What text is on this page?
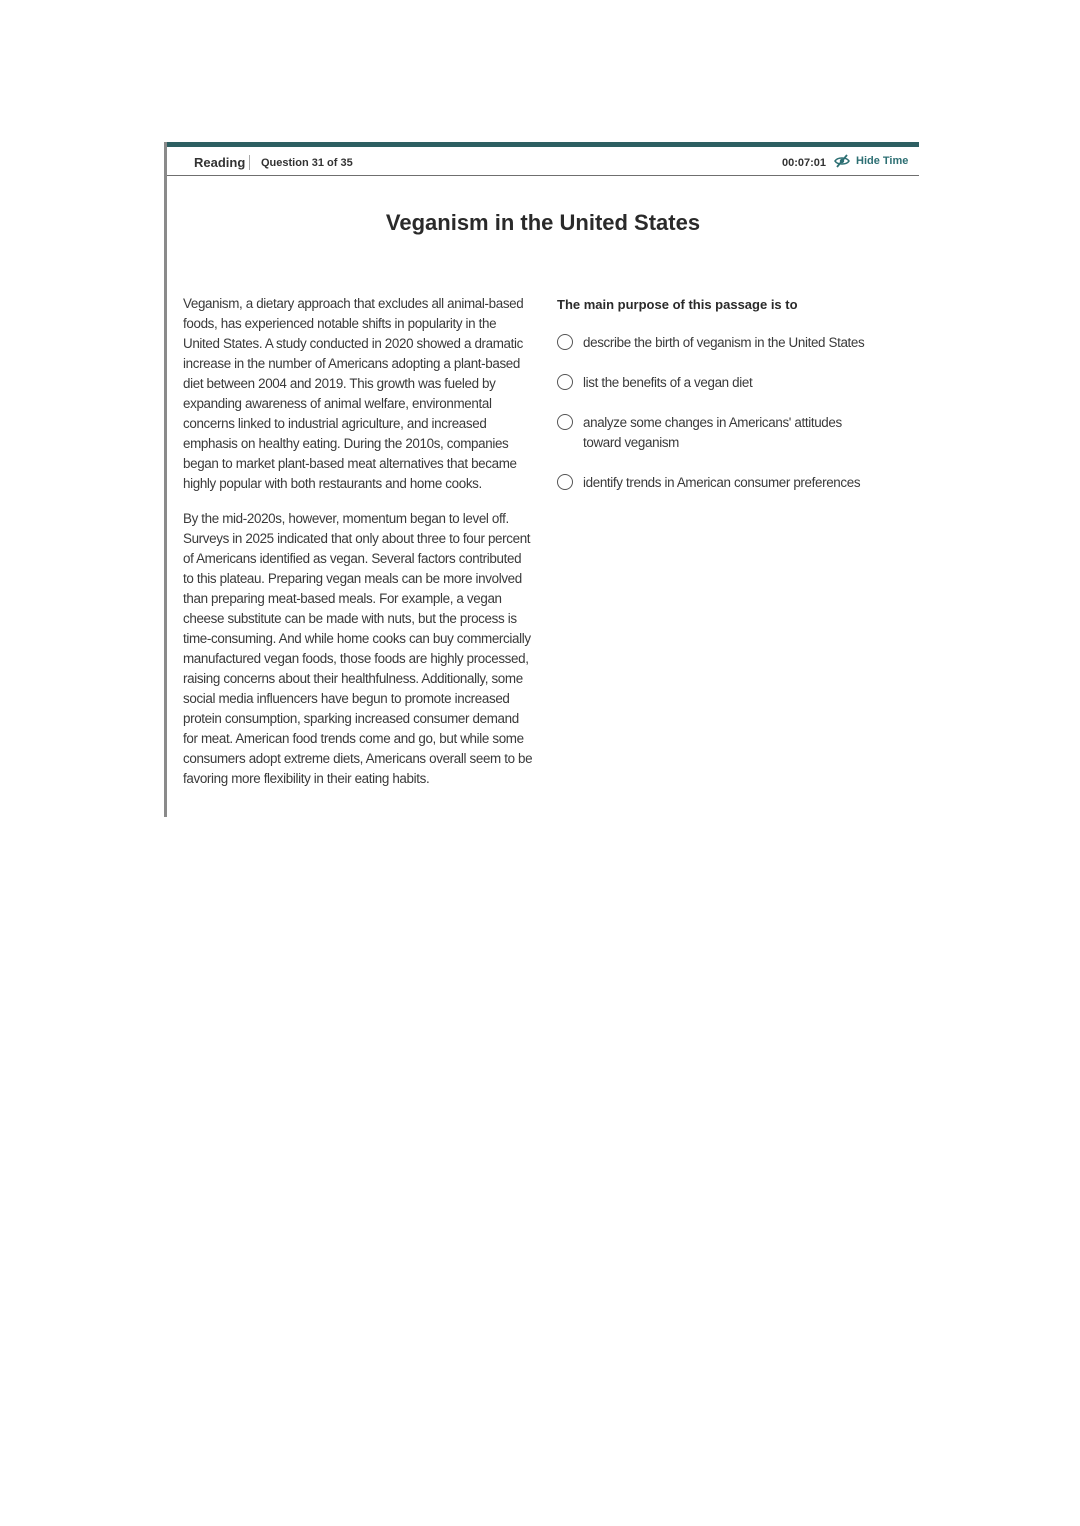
Reading Question 31 of 35	00:07:01	Hide Time
Veganism in the United States

Veganism, a dietary approach that excludes all animal-based foods, has experienced notable shifts in popularity in the United States. A study conducted in 2020 showed a dramatic increase in the number of Americans adopting a plant-based diet between 2004 and 2019. This growth was fueled by expanding awareness of animal welfare, environmental concerns linked to industrial agriculture, and increased emphasis on healthy eating. During the 2010s, companies began to market plant-based meat alternatives that became highly popular with both restaurants and home cooks.

By the mid-2020s, however, momentum began to level off. Surveys in 2025 indicated that only about three to four percent of Americans identified as vegan. Several factors contributed to this plateau. Preparing vegan meals can be more involved than preparing meat-based meals. For example, a vegan cheese substitute can be made with nuts, but the process is time-consuming. And while home cooks can buy commercially manufactured vegan foods, those foods are highly processed, raising concerns about their healthfulness. Additionally, some social media influencers have begun to promote increased protein consumption, sparking increased consumer demand for meat. American food trends come and go, but while some consumers adopt extreme diets, Americans overall seem to be favoring more flexibility in their eating habits.

The main purpose of this passage is to
describe the birth of veganism in the United States
list the benefits of a vegan diet
analyze some changes in Americans' attitudes toward veganism
identify trends in American consumer preferences
